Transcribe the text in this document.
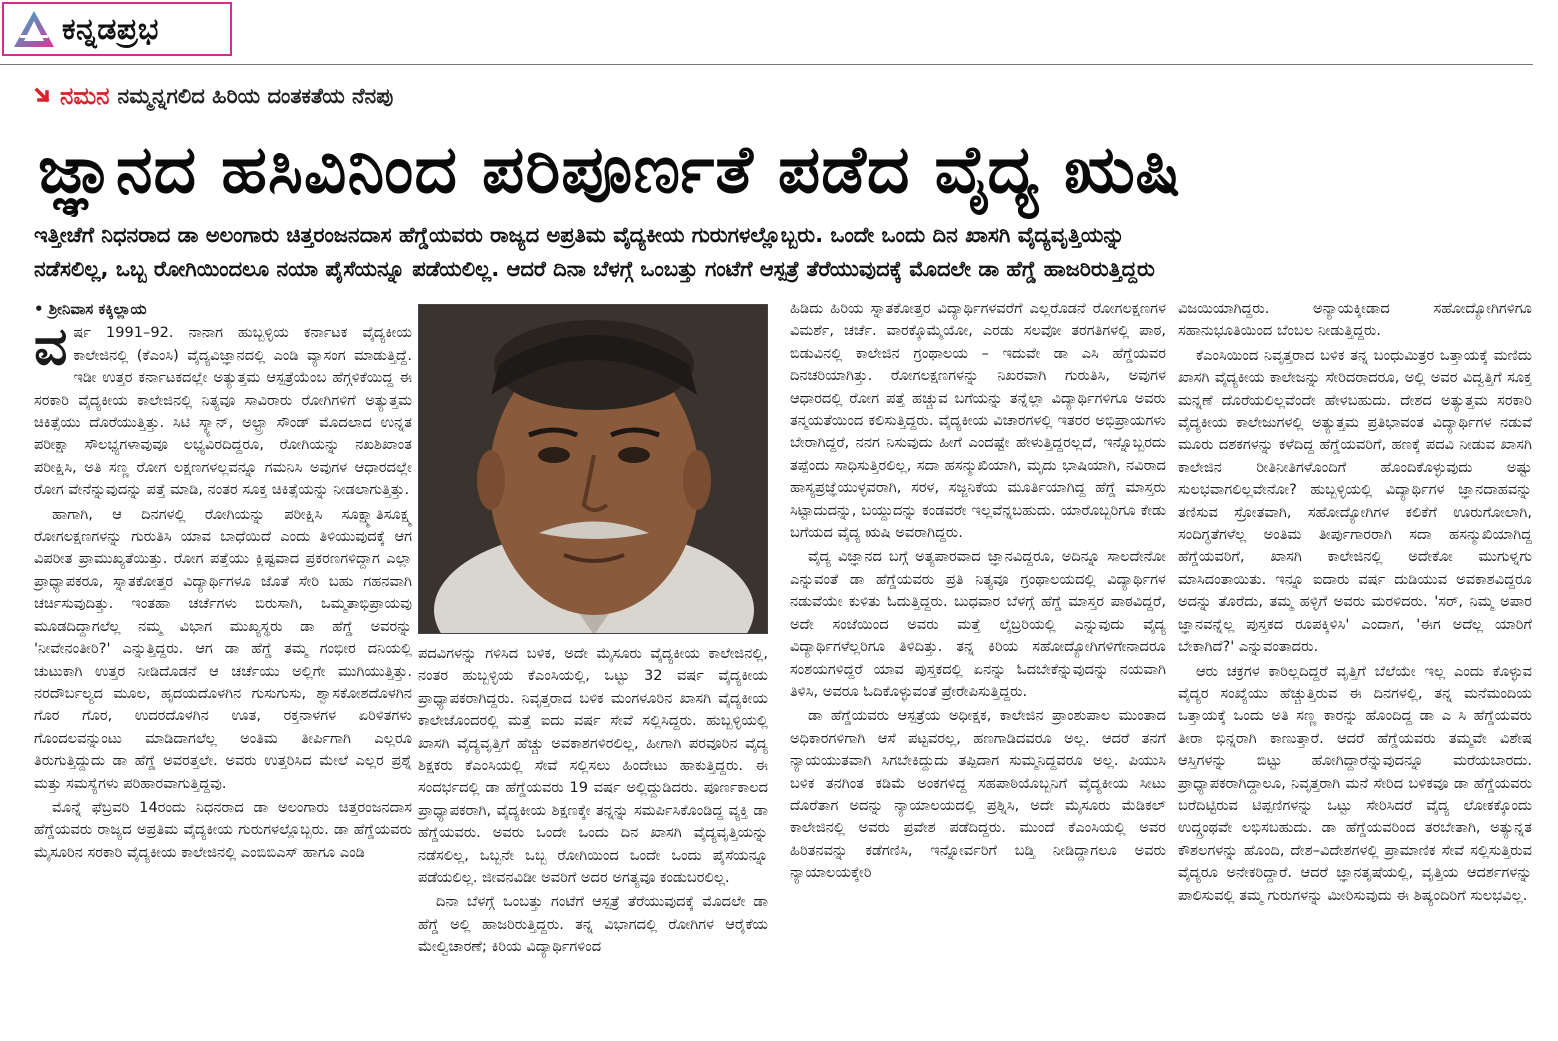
ಕನ್ನಡಪ್ರಭ
ನಮನ ನಮ್ಮನ್ನಗಲಿದ ಹಿರಿಯ ದಂತಕತೆಯ ನೆನಪು
ಜ್ಞಾನದ ಹಸಿವಿನಿಂದ ಪರಿಪೂರ್ಣತೆ ಪಡೆದ ವೈದ್ಯ ಋಷಿ

ಇತ್ತೀಚೆಗೆ ನಿಧನರಾದ ಡಾ ಅಲಂಗಾರು ಚಿತ್ತರಂಜನದಾಸ ಹೆಗ್ಡೆಯವರು ರಾಜ್ಯದ ಅಪ್ರತಿಮ ವೈದ್ಯಕೀಯ ಗುರುಗಳಲ್ಲೊಬ್ಬರು. ಒಂದೇ ಒಂದು ದಿನ ಖಾಸಗಿ ವೈದ್ಯವೃತ್ತಿಯನ್ನು

ನಡೆಸಲಿಲ್ಲ, ಒಬ್ಬ ರೋಗಿಯಿಂದಲೂ ನಯಾ ಪೈಸೆಯನ್ನೂ ಪಡೆಯಲಿಲ್ಲ. ಆದರೆ ದಿನಾ ಬೆಳಗ್ಗೆ ಒಂಬತ್ತು ಗಂಟೆಗೆ ಆಸ್ಪತ್ರೆ ತೆರೆಯುವುದಕ್ಕೆ ಮೊದಲೇ ಡಾ ಹೆಗ್ಡೆ ಹಾಜರಿರುತ್ತಿದ್ದರು

• ಶ್ರೀನಿವಾಸ ಕಕ್ಕಿಲ್ಲಾಯ

ವರ್ಷ 1991–92. ನಾನಾಗ ಹುಬ್ಬಳ್ಳಿಯ ಕರ್ನಾಟಕ ವೈದ್ಯಕೀಯ ಕಾಲೇಜಿನಲ್ಲಿ (ಕೆಎಂಸಿ) ವೈದ್ಯವಿಜ್ಞಾನದಲ್ಲಿ ಎಂಡಿ ವ್ಯಾಸಂಗ ಮಾಡುತ್ತಿದ್ದೆ. ಇಡೀ ಉತ್ತರ ಕರ್ನಾಟಕದಲ್ಲೇ ಅತ್ಯುತ್ತಮ ಆಸ್ಪತ್ರೆಯೆಂಬ ಹೆಗ್ಗಳಿಕೆಯಿದ್ದ ಈ ಸರಕಾರಿ ವೈದ್ಯಕೀಯ ಕಾಲೇಜಿನಲ್ಲಿ ನಿತ್ಯವೂ ಸಾವಿರಾರು ರೋಗಿಗಳಿಗೆ ಅತ್ಯುತ್ತಮ ಚಿಕಿತ್ಸೆಯು ದೊರೆಯುತ್ತಿತ್ತು. ಸಿಟಿ ಸ್ಕ್ಯಾನ್, ಅಲ್ಟ್ರಾ ಸೌಂಡ್ ಮೊದಲಾದ ಉನ್ನತ ಪರೀಕ್ಷಾ ಸೌಲಭ್ಯಗಳಾವುವೂ ಲಭ್ಯವಿರದಿದ್ದರೂ, ರೋಗಿಯನ್ನು ನಖಶಿಖಾಂತ ಪರೀಕ್ಷಿಸಿ, ಅತಿ ಸಣ್ಣ ರೋಗ ಲಕ್ಷಣಗಳಲ್ಲವನ್ನೂ ಗಮನಿಸಿ ಅವುಗಳ ಆಧಾರದಲ್ಲೇ ರೋಗ ವೇನೆನ್ನುವುದನ್ನು ಪತ್ತೆ ಮಾಡಿ, ನಂತರ ಸೂಕ್ತ ಚಿಕಿತ್ಸೆಯನ್ನು ನೀಡಲಾಗುತ್ತಿತ್ತು.

ಹಾಗಾಗಿ, ಆ ದಿನಗಳಲ್ಲಿ ರೋಗಿಯನ್ನು ಪರೀಕ್ಷಿಸಿ ಸೂಕ್ಷ್ಮಾತಿಸೂಕ್ಷ್ಮ ರೋಗಲಕ್ಷಣಗಳನ್ನು ಗುರುತಿಸಿ ಯಾವ ಬಾಧೆಯಿದೆ ಎಂದು ತಿಳಿಯುವುದಕ್ಕೆ ಆಗ ವಿಪರೀತ ಪ್ರಾಮುಖ್ಯತೆಯಿತ್ತು. ರೋಗ ಪತ್ತೆಯು ಕ್ಲಿಷ್ಟವಾದ ಪ್ರಕರಣಗಳಿದ್ದಾಗ ಎಲ್ಲಾ ಪ್ರಾಧ್ಯಾಪಕರೂ, ಸ್ನಾತಕೋತ್ತರ ವಿದ್ಯಾರ್ಥಿಗಳೂ ಜೊತೆ ಸೇರಿ ಬಹು ಗಹನವಾಗಿ ಚರ್ಚಿಸುವುದಿತ್ತು. ಇಂತಹಾ ಚರ್ಚೆಗಳು ಬಿರುಸಾಗಿ, ಒಮ್ಮತಾಭಿಪ್ರಾಯವು ಮೂಡದಿದ್ದಾಗಲೆಲ್ಲ ನಮ್ಮ ವಿಭಾಗ ಮುಖ್ಯಸ್ಥರು ಡಾ ಹೆಗ್ಡೆ ಅವರನ್ನು 'ನೀವೇನಂತೀರಿ?' ಎನ್ನುತ್ತಿದ್ದರು. ಆಗ ಡಾ ಹೆಗ್ಡೆ ತಮ್ಮ ಗಂಭೀರ ದನಿಯಲ್ಲಿ ಚುಟುಕಾಗಿ ಉತ್ತರ ನೀಡಿದೊಡನೆ ಆ ಚರ್ಚೆಯು ಅಲ್ಲಿಗೇ ಮುಗಿಯುತ್ತಿತ್ತು. ನರದೌರ್ಬಲ್ಯದ ಮೂಲ, ಹೃದಯದೊಳಗಿನ ಗುಸುಗುಸು, ಶ್ವಾಸಕೋಶದೊಳಗಿನ ಗೊರ ಗೊರ, ಉದರದೊಳಗಿನ ಊತ, ರಕ್ತನಾಳಗಳ ಏರಿಳಿತಗಳು ಗೊಂದಲವನ್ನುಂಟು ಮಾಡಿದಾಗಲೆಲ್ಲ ಅಂತಿಮ ತೀರ್ಪಿಗಾಗಿ ಎಲ್ಲರೂ ತಿರುಗುತ್ತಿದ್ದುದು ಡಾ ಹೆಗ್ಡೆ ಅವರತ್ತಲೇ. ಅವರು ಉತ್ತರಿಸಿದ ಮೇಲೆ ಎಲ್ಲರ ಪ್ರಶ್ನೆ ಮತ್ತು ಸಮಸ್ಯೆಗಳು ಪರಿಹಾರವಾಗುತ್ತಿದ್ದವು.

ಮೊನ್ನೆ ಫೆಬ್ರವರಿ 14ರಂದು ನಿಧನರಾದ ಡಾ ಅಲಂಗಾರು ಚಿತ್ತರಂಜನದಾಸ ಹೆಗ್ಡೆಯವರು ರಾಜ್ಯದ ಅಪ್ರತಿಮ ವೈದ್ಯಕೀಯ ಗುರುಗಳಲ್ಲೊಬ್ಬರು. ಡಾ ಹೆಗ್ಡೆಯವರು ಮೈಸೂರಿನ ಸರಕಾರಿ ವೈದ್ಯಕೀಯ ಕಾಲೇಜಿನಲ್ಲಿ ಎಂಬಿಬಿಎಸ್ ಹಾಗೂ ಎಂಡಿ

ಪದವಿಗಳನ್ನು ಗಳಿಸಿದ ಬಳಿಕ, ಅದೇ ಮೈಸೂರು ವೈದ್ಯಕೀಯ ಕಾಲೇಜಿನಲ್ಲಿ, ನಂತರ ಹುಬ್ಬಳ್ಳಿಯ ಕೆಎಂಸಿಯಲ್ಲಿ, ಒಟ್ಟು 32 ವರ್ಷ ವೈದ್ಯಕೀಯ ಪ್ರಾಧ್ಯಾಪಕರಾಗಿದ್ದರು. ನಿವೃತ್ತರಾದ ಬಳಿಕ ಮಂಗಳೂರಿನ ಖಾಸಗಿ ವೈದ್ಯಕೀಯ ಕಾಲೇಜೊಂದರಲ್ಲಿ ಮತ್ತೆ ಐದು ವರ್ಷ ಸೇವೆ ಸಲ್ಲಿಸಿದ್ದರು. ಹುಬ್ಬಳ್ಳಿಯಲ್ಲಿ ಖಾಸಗಿ ವೈದ್ಯವೃತ್ತಿಗೆ ಹೆಚ್ಚು ಅವಕಾಶಗಳಿರಲಿಲ್ಲ, ಹೀಗಾಗಿ ಪರವೂರಿನ ವೈದ್ಯ ಶಿಕ್ಷಕರು ಕೆಎಂಸಿಯಲ್ಲಿ ಸೇವೆ ಸಲ್ಲಿಸಲು ಹಿಂದೇಟು ಹಾಕುತ್ತಿದ್ದರು. ಈ ಸಂದರ್ಭದಲ್ಲಿ ಡಾ ಹೆಗ್ಡೆಯವರು 19 ವರ್ಷ ಅಲ್ಲಿದ್ದುಡಿದರು. ಪೂರ್ಣಕಾಲದ ಪ್ರಾಧ್ಯಾಪಕರಾಗಿ, ವೈದ್ಯಕೀಯ ಶಿಕ್ಷಣಕ್ಕೇ ತನ್ನನ್ನು ಸಮರ್ಪಿಸಿಕೊಂಡಿದ್ದ ವ್ಯಕ್ತಿ ಡಾ ಹೆಗ್ಡೆಯವರು. ಅವರು ಒಂದೇ ಒಂದು ದಿನ ಖಾಸಗಿ ವೈದ್ಯವೃತ್ತಿಯನ್ನು ನಡೆಸಲಿಲ್ಲ, ಒಬ್ಬನೇ ಒಬ್ಬ ರೋಗಿಯಿಂದ ಒಂದೇ ಒಂದು ಪೈಸೆಯನ್ನೂ ಪಡೆಯಲಿಲ್ಲ. ಜೀವನವಿಡೀ ಅವರಿಗೆ ಅದರ ಅಗತ್ಯವೂ ಕಂಡುಬರಲಿಲ್ಲ.

ದಿನಾ ಬೆಳಗ್ಗೆ ಒಂಬತ್ತು ಗಂಟೆಗೆ ಆಸ್ಪತ್ರೆ ತೆರೆಯುವುದಕ್ಕೆ ಮೊದಲೇ ಡಾ ಹೆಗ್ಡೆ ಅಲ್ಲಿ ಹಾಜರಿರುತ್ತಿದ್ದರು. ತನ್ನ ವಿಭಾಗದಲ್ಲಿ ರೋಗಿಗಳ ಆರೈಕೆಯ ಮೇಲ್ವಿಚಾರಣೆ; ಕಿರಿಯ ವಿದ್ಯಾರ್ಥಿಗಳಿಂದ

ಹಿಡಿದು ಹಿರಿಯ ಸ್ನಾತಕೋತ್ತರ ವಿದ್ಯಾರ್ಥಿಗಳವರೆಗೆ ಎಲ್ಲರೊಡನೆ ರೋಗಲಕ್ಷಣಗಳ ವಿಮರ್ಶೆ, ಚರ್ಚೆ. ವಾರಕ್ಕೊಮ್ಮೆಯೋ, ಎರಡು ಸಲವೋ ತರಗತಿಗಳಲ್ಲಿ ಪಾಠ, ಬಿಡುವಿನಲ್ಲಿ ಕಾಲೇಜಿನ ಗ್ರಂಥಾಲಯ – ಇದುವೇ ಡಾ ಎಸಿ ಹೆಗ್ಡೆಯವರ ದಿನಚರಿಯಾಗಿತ್ತು. ರೋಗಲಕ್ಷಣಗಳನ್ನು ನಿಖರವಾಗಿ ಗುರುತಿಸಿ, ಅವುಗಳ ಆಧಾರದಲ್ಲಿ ರೋಗ ಪತ್ತೆ ಹಚ್ಚುವ ಬಗೆಯನ್ನು ತನ್ನೆಲ್ಲಾ ವಿದ್ಯಾರ್ಥಿಗಳಿಗೂ ಅವರು ತನ್ಮಯತೆಯಿಂದ ಕಲಿಸುತ್ತಿದ್ದರು. ವೈದ್ಯಕೀಯ ವಿಚಾರಗಳಲ್ಲಿ ಇತರರ ಅಭಿಪ್ರಾಯಗಳು ಬೇರಾಗಿದ್ದರೆ, ನನಗ ನಿಸುವುದು ಹೀಗೆ ಎಂದಷ್ಟೇ ಹೇಳುತ್ತಿದ್ದರಲ್ಲದೆ, ಇನ್ನೊಬ್ಬರದು ತಪ್ಪೆಂದು ಸಾಧಿಸುತ್ತಿರಲಿಲ್ಲ, ಸದಾ ಹಸನ್ಮುಖಿಯಾಗಿ, ಮೃದು ಭಾಷಿಯಾಗಿ, ನವಿರಾದ ಹಾಸ್ಯಪ್ರಜ್ಞೆಯುಳ್ಳವರಾಗಿ, ಸರಳ, ಸಜ್ಜನಿಕೆಯ ಮೂರ್ತಿಯಾಗಿದ್ದ ಹೆಗ್ಡೆ ಮಾಸ್ತರು ಸಿಟ್ಟಾದುದನ್ನು, ಬಯ್ದುದನ್ನು ಕಂಡವರೇ ಇಲ್ಲವೆನ್ನಬಹುದು. ಯಾರೊಬ್ಬರಿಗೂ ಕೇಡು ಬಗೆಯದ ವೈದ್ಯ ಋಷಿ ಅವರಾಗಿದ್ದರು.

ವೈದ್ಯ ವಿಜ್ಞಾನದ ಬಗ್ಗೆ ಅತ್ಯಪಾರವಾದ ಜ್ಞಾನವಿದ್ದರೂ, ಅದಿನ್ನೂ ಸಾಲದೇನೋ ಎನ್ನುವಂತೆ ಡಾ ಹೆಗ್ಡೆಯವರು ಪ್ರತಿ ನಿತ್ಯವೂ ಗ್ರಂಥಾಲಯದಲ್ಲಿ ವಿದ್ಯಾರ್ಥಿಗಳ ನಡುವೆಯೇ ಕುಳಿತು ಓದುತ್ತಿದ್ದರು. ಬುಧವಾರ ಬೆಳಗ್ಗೆ ಹೆಗ್ಡೆ ಮಾಸ್ತರ ಪಾಠವಿದ್ದರೆ, ಅದೇ ಸಂಜೆಯಿಂದ ಅವರು ಮತ್ತೆ ಲೈಬ್ರರಿಯಲ್ಲಿ ಎನ್ನುವುದು ವೈದ್ಯ ವಿದ್ಯಾರ್ಥಿಗಳೆಲ್ಲರಿಗೂ ತಿಳಿದಿತ್ತು. ತನ್ನ ಕಿರಿಯ ಸಹೋದ್ಯೋಗಿಗಳಿಗೇನಾದರೂ ಸಂಶಯಗಳಿದ್ದರೆ ಯಾವ ಪುಸ್ತಕದಲ್ಲಿ ಏನನ್ನು ಓದಬೇಕೆನ್ನುವುದನ್ನು ನಯವಾಗಿ ತಿಳಿಸಿ, ಅವರೂ ಓದಿಕೊಳ್ಳುವಂತೆ ಪ್ರೇರೇಪಿಸುತ್ತಿದ್ದರು.

ಡಾ ಹೆಗ್ಡೆಯವರು ಆಸ್ಪತ್ರೆಯ ಅಧೀಕ್ಷಕ, ಕಾಲೇಜಿನ ಪ್ರಾಂಶುಪಾಲ ಮುಂತಾದ ಅಧಿಕಾರಗಳಿಗಾಗಿ ಆಸೆ ಪಟ್ಟವರಲ್ಲ, ಹಣಗಾಡಿದವರೂ ಅಲ್ಲ. ಆದರೆ ತನಗೆ ನ್ಯಾಯಯುತವಾಗಿ ಸಿಗಬೇಕಿದ್ದುದು ತಪ್ಪಿದಾಗ ಸುಮ್ಮನಿದ್ದವರೂ ಅಲ್ಲ. ಪಿಯುಸಿ ಬಳಿಕ ತನಗಿಂತ ಕಡಿಮೆ ಅಂಕಗಳಿದ್ದ ಸಹಪಾಠಿಯೊಬ್ಬನಿಗೆ ವೈದ್ಯಕೀಯ ಸೀಟು ದೊರೆತಾಗ ಅದನ್ನು ನ್ಯಾಯಾಲಯದಲ್ಲಿ ಪ್ರಶ್ನಿಸಿ, ಅದೇ ಮೈಸೂರು ಮೆಡಿಕಲ್ ಕಾಲೇಜಿನಲ್ಲಿ ಅವರು ಪ್ರವೇಶ ಪಡೆದಿದ್ದರು. ಮುಂದೆ ಕೆಎಂಸಿಯಲ್ಲಿ ಅವರ ಹಿರಿತನವನ್ನು ಕಡೆಗಣಿಸಿ, ಇನ್ನೋರ್ವರಿಗೆ ಬಡ್ತಿ ನೀಡಿದ್ದಾಗಲೂ ಅವರು ನ್ಯಾಯಾಲಯಕ್ಕೇರಿ

ವಿಜಯಿಯಾಗಿದ್ದರು. ಅನ್ಯಾಯಕ್ಕೀಡಾದ ಸಹೋದ್ಯೋಗಿಗಳಿಗೂ ಸಹಾನುಭೂತಿಯಿಂದ ಬೆಂಬಲ ನೀಡುತ್ತಿದ್ದರು.

ಕೆಎಂಸಿಯಿಂದ ನಿವೃತ್ತರಾದ ಬಳಿಕ ತನ್ನ ಬಂಧುಮಿತ್ರರ ಒತ್ತಾಯಕ್ಕೆ ಮಣಿದು ಖಾಸಗಿ ವೈದ್ಯಕೀಯ ಕಾಲೇಜನ್ನು ಸೇರಿದರಾದರೂ, ಅಲ್ಲಿ ಅವರ ವಿದ್ವತ್ತಿಗೆ ಸೂಕ್ತ ಮನ್ನಣೆ ದೊರೆಯಲಿಲ್ಲವೆಂದೇ ಹೇಳಬಹುದು. ದೇಶದ ಅತ್ಯುತ್ತಮ ಸರಕಾರಿ ವೈದ್ಯಕೀಯ ಕಾಲೇಜುಗಳಲ್ಲಿ ಅತ್ಯುತ್ತಮ ಪ್ರತಿಭಾವಂತ ವಿದ್ಯಾರ್ಥಿಗಳ ನಡುವೆ ಮೂರು ದಶಕಗಳನ್ನು ಕಳೆದಿದ್ದ ಹೆಗ್ಡೆಯವರಿಗೆ, ಹಣಕ್ಕೆ ಪದವಿ ನೀಡುವ ಖಾಸಗಿ ಕಾಲೇಜಿನ ರೀತಿನೀತಿಗಳೊಂದಿಗೆ ಹೊಂದಿಕೊಳ್ಳುವುದು ಅಷ್ಟು ಸುಲಭವಾಗಲಿಲ್ಲವೇನೋ? ಹುಬ್ಬಳ್ಳಿಯಲ್ಲಿ ವಿದ್ಯಾರ್ಥಿಗಳ ಜ್ಞಾನದಾಹವನ್ನು ತಣಿಸುವ ಸ್ರೋತವಾಗಿ, ಸಹೋದ್ಯೋಗಿಗಳ ಕಲಿಕೆಗೆ ಊರುಗೋಲಾಗಿ, ಸಂದಿಗ್ಧತೆಗಳೆಲ್ಲ ಅಂತಿಮ ತೀರ್ಪುಗಾರರಾಗಿ ಸದಾ ಹಸನ್ಮುಖಿಯಾಗಿದ್ದ ಹೆಗ್ಡೆಯವರಿಗೆ, ಖಾಸಗಿ ಕಾಲೇಜಿನಲ್ಲಿ ಅದೇಕೋ ಮುಗುಳ್ನಗು ಮಾಸಿದಂತಾಯಿತು. ಇನ್ನೂ ಐದಾರು ವರ್ಷ ದುಡಿಯುವ ಅವಕಾಶವಿದ್ದರೂ ಅದನ್ನು ತೊರೆದು, ತಮ್ಮ ಹಳ್ಳಿಗೆ ಅವರು ಮರಳಿದರು. 'ಸರ್, ನಿಮ್ಮ ಅಪಾರ ಜ್ಞಾನವನ್ನೆಲ್ಲ ಪುಸ್ತಕದ ರೂಪಕ್ಕಿಳಿಸಿ' ಎಂದಾಗ, 'ಈಗ ಅದೆಲ್ಲ ಯಾರಿಗೆ ಬೇಕಾಗಿದೆ?' ಎನ್ನುವಂತಾದರು.

ಆರು ಚಕ್ರಗಳ ಕಾರಿಲ್ಲದಿದ್ದರೆ ವೃತ್ತಿಗೆ ಬೆಲೆಯೇ ಇಲ್ಲ ಎಂದು ಕೊಳ್ಳುವ ವೈದ್ಯರ ಸಂಖ್ಯೆಯು ಹೆಚ್ಚುತ್ತಿರುವ ಈ ದಿನಗಳಲ್ಲಿ, ತನ್ನ ಮನೆಮಂದಿಯ ಒತ್ತಾಯಕ್ಕೆ ಒಂದು ಅತಿ ಸಣ್ಣ ಕಾರನ್ನು ಹೊಂದಿದ್ದ ಡಾ ಎ ಸಿ ಹೆಗ್ಡೆಯವರು ತೀರಾ ಭಿನ್ನರಾಗಿ ಕಾಣುತ್ತಾರೆ. ಆದರೆ ಹೆಗ್ಡೆಯವರು ತಮ್ಮವೇ ವಿಶೇಷ ಆಸ್ತಿಗಳನ್ನು ಬಿಟ್ಟು ಹೋಗಿದ್ದಾರೆನ್ನುವುದನ್ನೂ ಮರೆಯಬಾರದು. ಪ್ರಾಧ್ಯಾಪಕರಾಗಿದ್ದಾಲೂ, ನಿವೃತ್ತರಾಗಿ ಮನೆ ಸೇರಿದ ಬಳಿಕವೂ ಡಾ ಹೆಗ್ಡೆಯವರು ಬರೆದಿಟ್ಟಿರುವ ಟಿಪ್ಪಣಿಗಳನ್ನು ಒಟ್ಟು ಸೇರಿಸಿದರೆ ವೈದ್ಯ ಲೋಕಕ್ಕೊಂದು ಉದ್ಗ್ರಂಥವೇ ಲಭಿಸಬಹುದು. ಡಾ ಹೆಗ್ಡೆಯವರಿಂದ ತರಬೇತಾಗಿ, ಅತ್ಯುನ್ನತ ಕೌಶಲಗಳನ್ನು ಹೊಂದಿ, ದೇಶ–ವಿದೇಶಗಳಲ್ಲಿ ಪ್ರಾಮಾಣಿಕ ಸೇವೆ ಸಲ್ಲಿಸುತ್ತಿರುವ ವೈದ್ಯರೂ ಅನೇಕರಿದ್ದಾರೆ. ಆದರೆ ಜ್ಞಾನತೃಷೆಯಲ್ಲಿ, ವೃತ್ತಿಯ ಆದರ್ಶಗಳನ್ನು ಪಾಲಿಸುವಲ್ಲಿ ತಮ್ಮ ಗುರುಗಳನ್ನು ಮೀರಿಸುವುದು ಈ ಶಿಷ್ಯಂದಿರಿಗೆ ಸುಲಭವಿಲ್ಲ.
